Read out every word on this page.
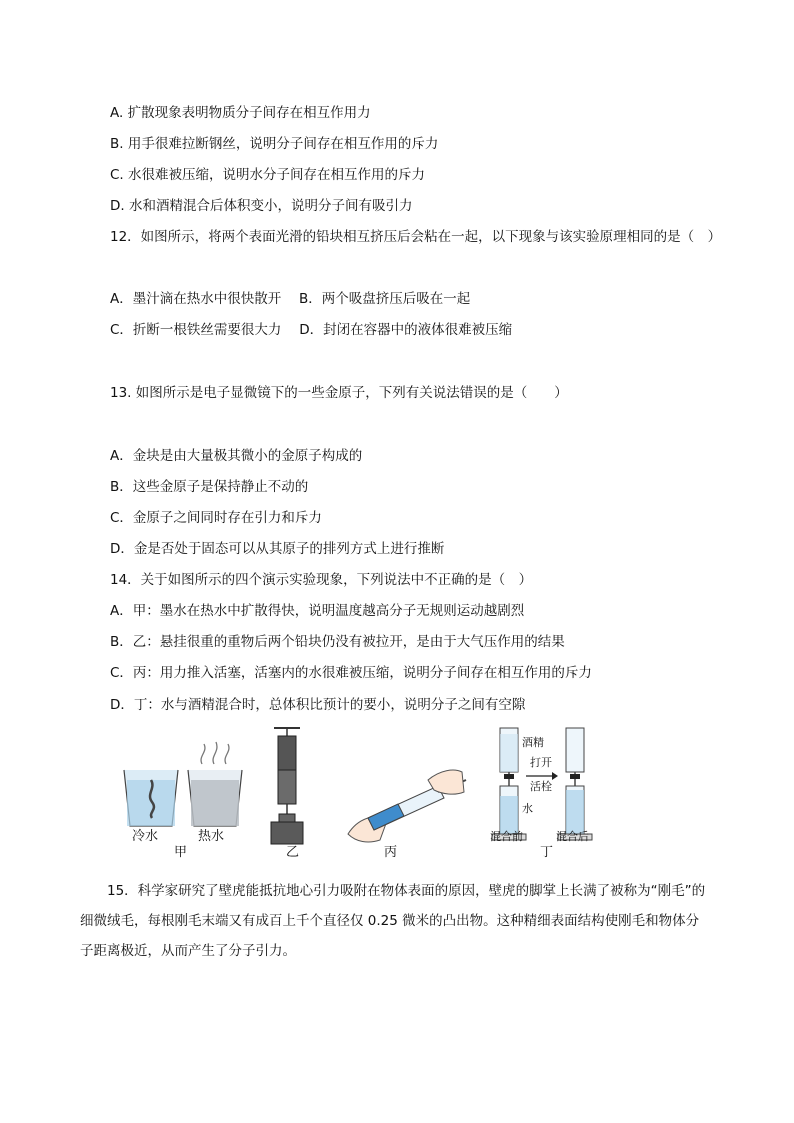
A. 扩散现象表明物质分子间存在相互作用力
B. 用手很难拉断钢丝，说明分子间存在相互作用的斥力
C. 水很难被压缩，说明水分子间存在相互作用的斥力
D. 水和酒精混合后体积变小，说明分子间有吸引力
12．如图所示，将两个表面光滑的铅块相互挤压后会粘在一起，以下现象与该实验原理相同的是（　）
A．墨汁滴在热水中很快散开　 B．两个吸盘挤压后吸在一起
C．折断一根铁丝需要很大力　 D．封闭在容器中的液体很难被压缩
13. 如图所示是电子显微镜下的一些金原子，下列有关说法错误的是（　　）
A．金块是由大量极其微小的金原子构成的
B．这些金原子是保持静止不动的
C．金原子之间同时存在引力和斥力
D．金是否处于固态可以从其原子的排列方式上进行推断
14．关于如图所示的四个演示实验现象，下列说法中不正确的是（　）
A．甲：墨水在热水中扩散得快，说明温度越高分子无规则运动越剧烈
B．乙：悬挂很重的重物后两个铅块仍没有被拉开，是由于大气压作用的结果
C．丙：用力推入活塞，活塞内的水很难被压缩，说明分子间存在相互作用的斥力
D．丁：水与酒精混合时，总体积比预计的要小，说明分子之间有空隙
冷水	热水
甲	乙	丙	丁
酒精
打开
活栓
水
混合前	混合后
15．科学家研究了壁虎能抵抗地心引力吸附在物体表面的原因，壁虎的脚掌上长满了被称为“刚毛”的细微绒毛，每根刚毛末端又有成百上千个直径仅 0.25 微米的凸出物。这种精细表面结构使刚毛和物体分子距离极近，从而产生了分子引力。
